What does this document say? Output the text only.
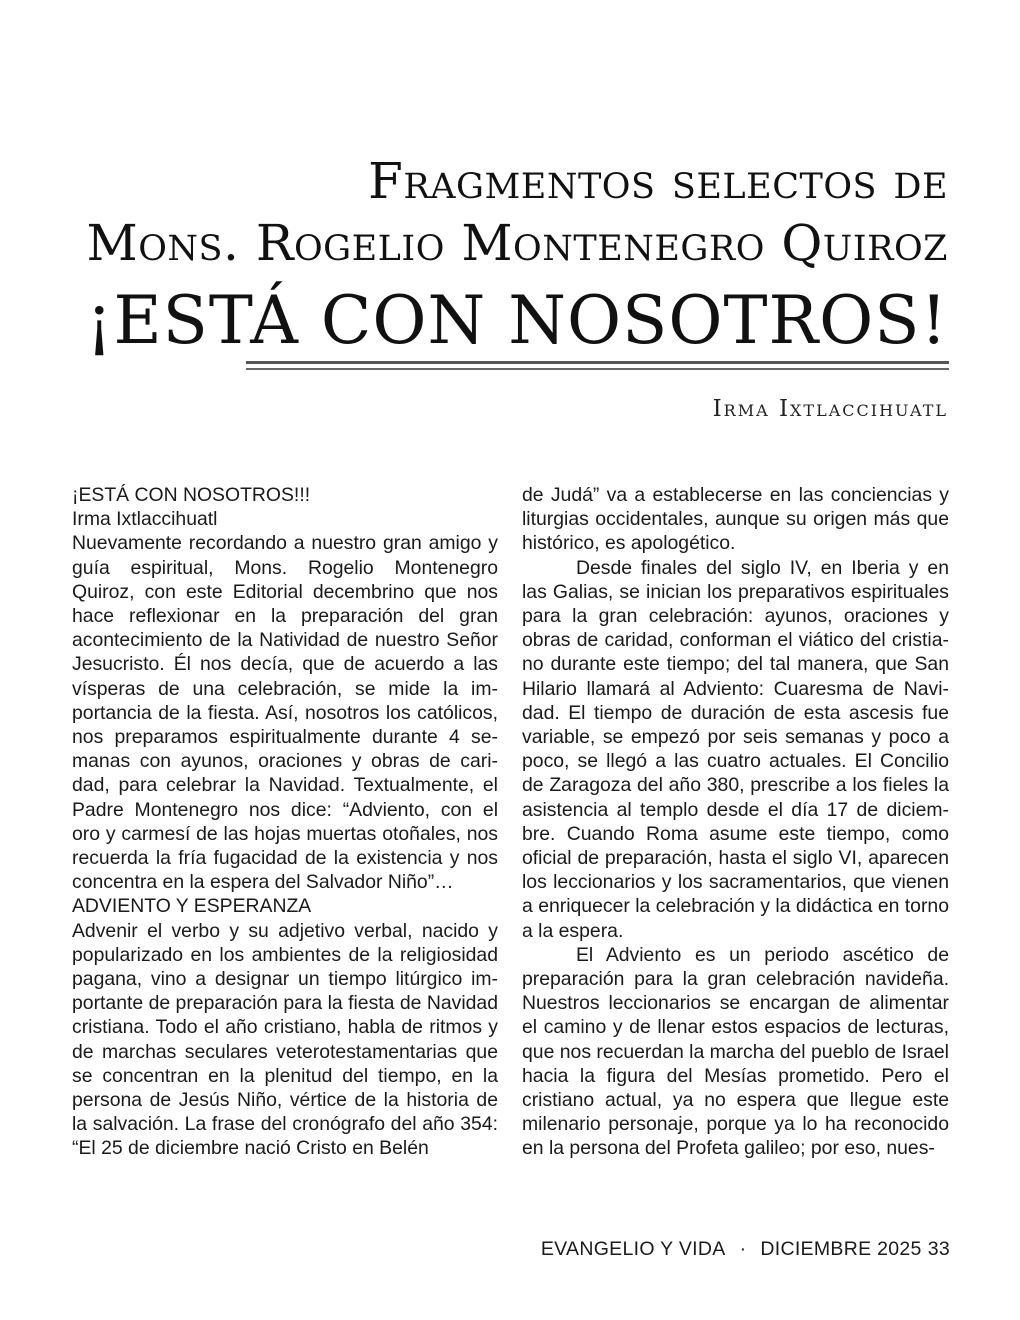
Fragmentos selectos de
Mons. Rogelio Montenegro Quiroz
¡ESTÁ CON NOSOTROS!
Irma Ixtlaccihuatl

¡ESTÁ CON NOSOTROS!!!

Irma Ixtlaccihuatl

Nuevamente recordando a nuestro gran amigo y guía espiritual, Mons. Rogelio Montenegro Quiroz, con este Editorial decembrino que nos hace reflexionar en la preparación del gran acontecimiento de la Natividad de nuestro Señor Jesucristo. Él nos decía, que de acuerdo a las vísperas de una celebración, se mide la importancia de la fiesta. Así, nosotros los católicos, nos preparamos espiritualmente durante 4 semanas con ayunos, oraciones y obras de caridad, para celebrar la Navidad. Textualmente, el Padre Montenegro nos dice: “Adviento, con el oro y carmesí de las hojas muertas otoñales, nos recuerda la fría fugacidad de la existencia y nos concentra en la espera del Salvador Niño”…

ADVIENTO Y ESPERANZA

Advenir el verbo y su adjetivo verbal, nacido y popularizado en los ambientes de la religiosidad pagana, vino a designar un tiempo litúrgico importante de preparación para la fiesta de Navidad cristiana. Todo el año cristiano, habla de ritmos y de marchas seculares veterotestamentarias que se concentran en la plenitud del tiempo, en la persona de Jesús Niño, vértice de la historia de la salvación. La frase del cronógrafo del año 354: “El 25 de diciembre nació Cristo en Belén

de Judá” va a establecerse en las conciencias y liturgias occidentales, aunque su origen más que histórico, es apologético.

Desde finales del siglo IV, en Iberia y en las Galias, se inician los preparativos espirituales para la gran celebración: ayunos, oraciones y obras de caridad, conforman el viático del cristiano durante este tiempo; del tal manera, que San Hilario llamará al Adviento: Cuaresma de Navidad. El tiempo de duración de esta ascesis fue variable, se empezó por seis semanas y poco a poco, se llegó a las cuatro actuales. El Concilio de Zaragoza del año 380, prescribe a los fieles la asistencia al templo desde el día 17 de diciembre. Cuando Roma asume este tiempo, como oficial de preparación, hasta el siglo VI, aparecen los leccionarios y los sacramentarios, que vienen a enriquecer la celebración y la didáctica en torno a la espera.

El Adviento es un periodo ascético de preparación para la gran celebración navideña. Nuestros leccionarios se encargan de alimentar el camino y de llenar estos espacios de lecturas, que nos recuerdan la marcha del pueblo de Israel hacia la figura del Mesías prometido. Pero el cristiano actual, ya no espera que llegue este milenario personaje, porque ya lo ha reconocido en la persona del Profeta galileo; por eso, nues-

EVANGELIO Y VIDA · DICIEMBRE 2025 33
